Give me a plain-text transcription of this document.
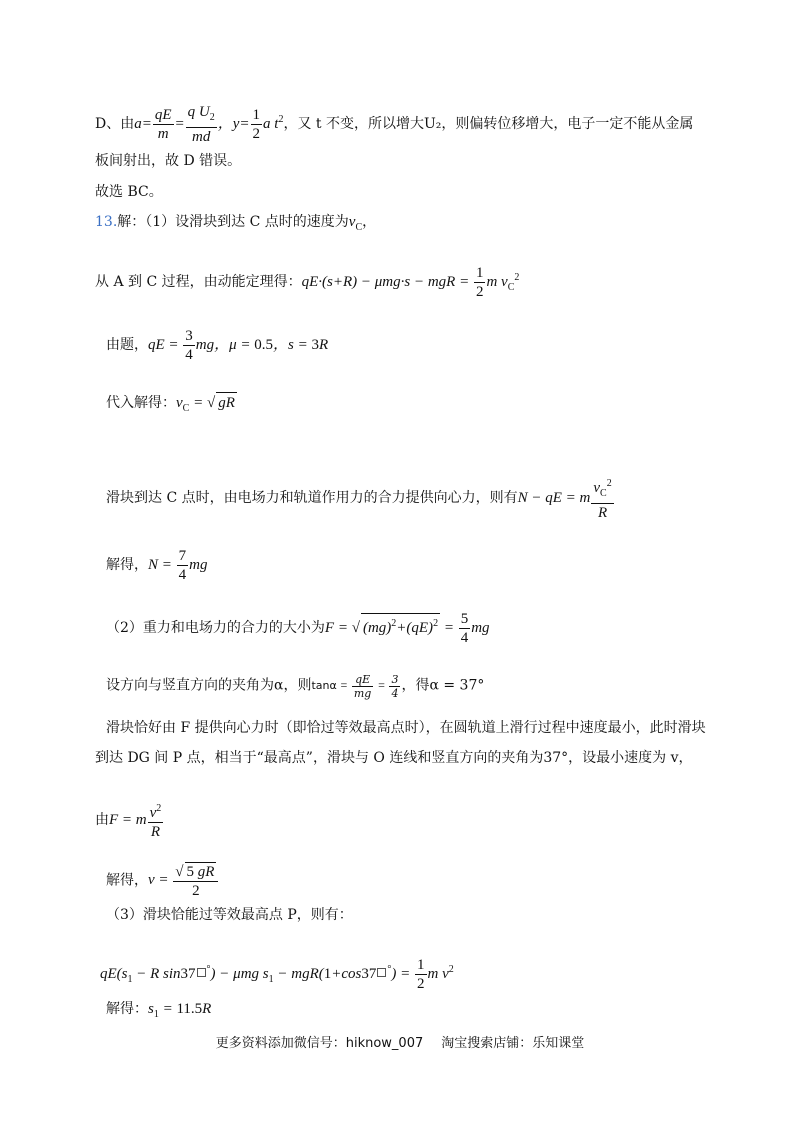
D、由$a= \frac{qE}{m} = \frac{q U_2}{md}$ ，$y= \frac{1}{2}$ a $t^2$，又 t 不变，所以增大U₂，则偏转位移增大，电子一定不能从金属
板间射出，故 D 错误。
故选 BC。
13.解：（1）设滑块到达 C 点时的速度为$v_C$，
从 A 到 C 过程，由动能定理得：qE·(s+R) − μmg·s − mgR = $\frac{1}{2}$ m $v_C^2$
由题，qE = $\frac{3}{4}$ mg，μ = 0.5，s = 3R
代入解得：$v_C$ = √ gR
滑块到达 C 点时，由电场力和轨道作用力的合力提供向心力，则有N − qE = m $\frac{v_C^2}{R}$
解得，$N = \frac{7}{4}$ mg
（2）重力和电场力的合力的大小为F = √ $(mg)^2+(qE)^2 = \frac{5}{4}$ mg
设方向与竖直方向的夹角为α，则$\tan\alpha = \frac{qE}{mg} = \frac{3}{4}$ ，得α = 37°
滑块恰好由 F 提供向心力时（即恰过等效最高点时），在圆轨道上滑行过程中速度最小，此时滑块
到达 DG 间 P 点，相当于“最高点”，滑块与 O 连线和竖直方向的夹角为37°，设最小速度为 v，
由F = m $\frac{v^2}{R}$
解得，$v = \frac{√ 5 gR}{2}$
（3）滑块恰能过等效最高点 P，则有：
$qE(s_1 - R$ sin37 °) − μmg $s_1 - mgR(1+\cos 37$ $^\circ) = \frac{1}{2}$ m $v^2$
解得：$s_1 = 11.5R$
更多资料添加微信号：hiknow_007 淘宝搜索店铺：乐知课堂
